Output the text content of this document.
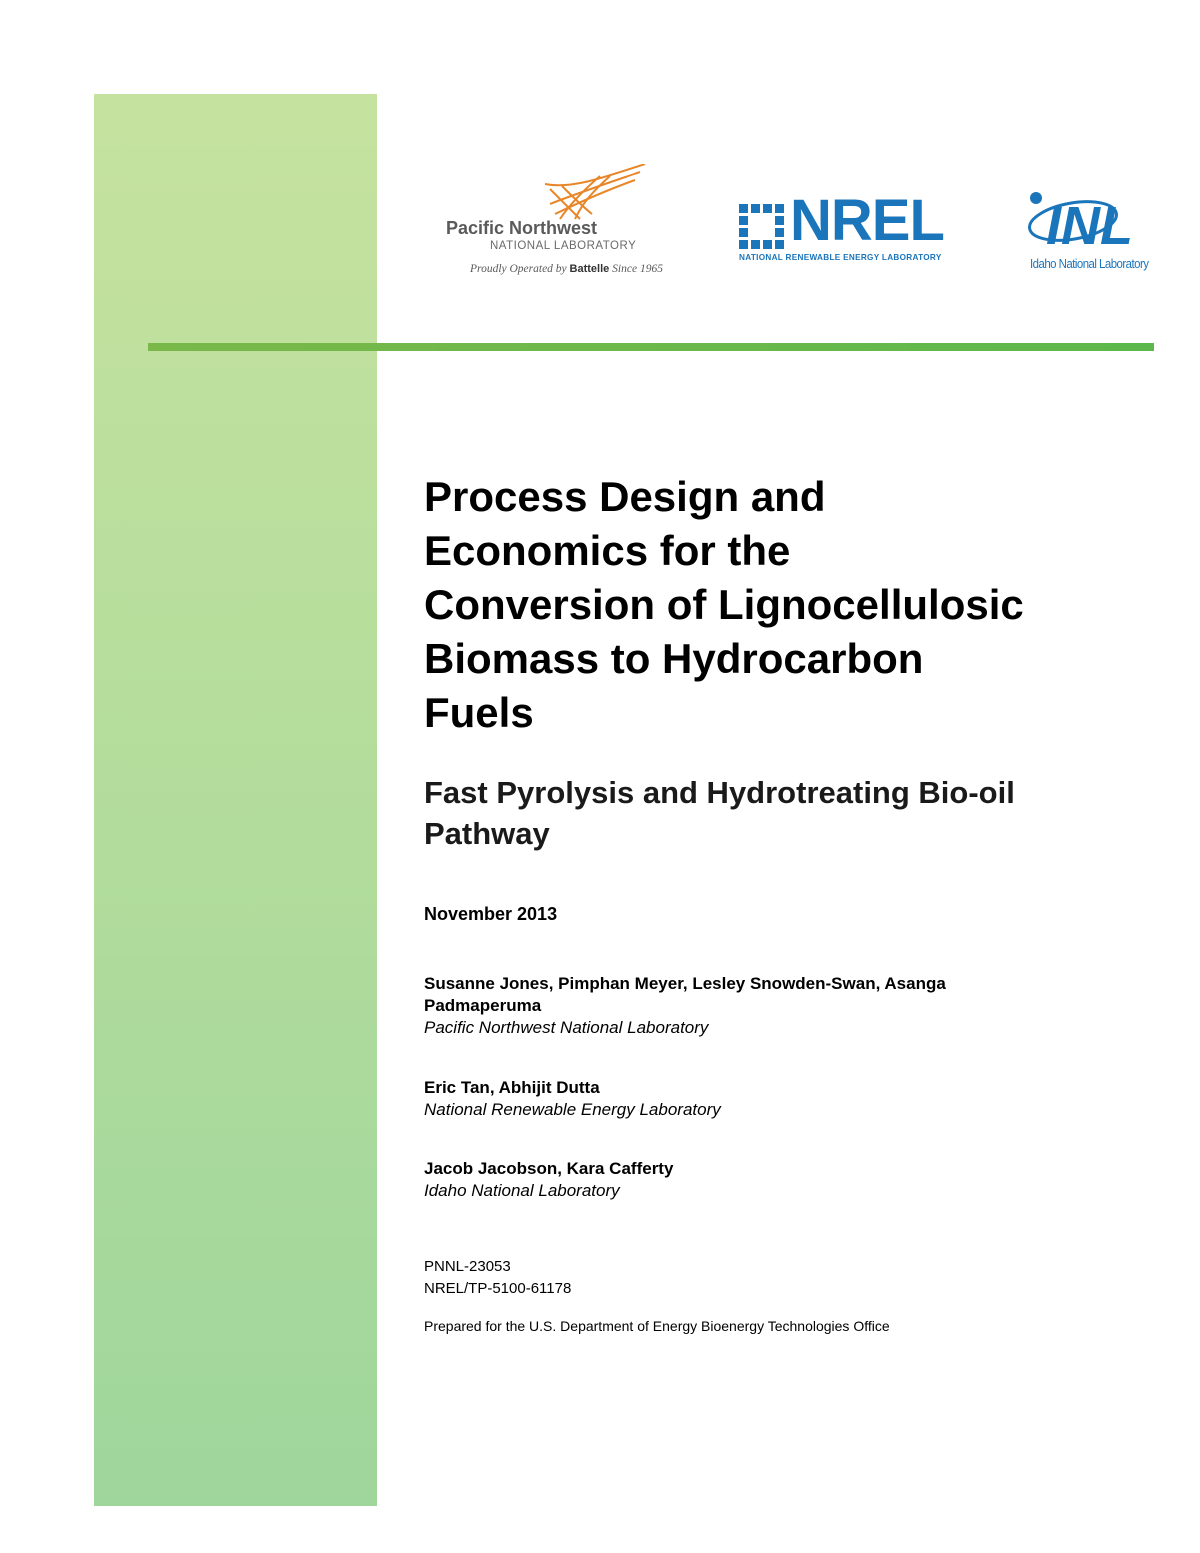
Pacific Northwest
NATIONAL LABORATORY
Proudly Operated by Battelle Since 1965
NREL
NATIONAL RENEWABLE ENERGY LABORATORY
INL
Idaho National Laboratory
Process Design and Economics for the Conversion of Lignocellulosic Biomass to Hydrocarbon Fuels
Fast Pyrolysis and Hydrotreating Bio-oil Pathway
November 2013
Susanne Jones, Pimphan Meyer, Lesley Snowden-Swan, Asanga Padmaperuma
Pacific Northwest National Laboratory
Eric Tan, Abhijit Dutta
National Renewable Energy Laboratory
Jacob Jacobson, Kara Cafferty
Idaho National Laboratory
PNNL-23053
NREL/TP-5100-61178
Prepared for the U.S. Department of Energy Bioenergy Technologies Office
